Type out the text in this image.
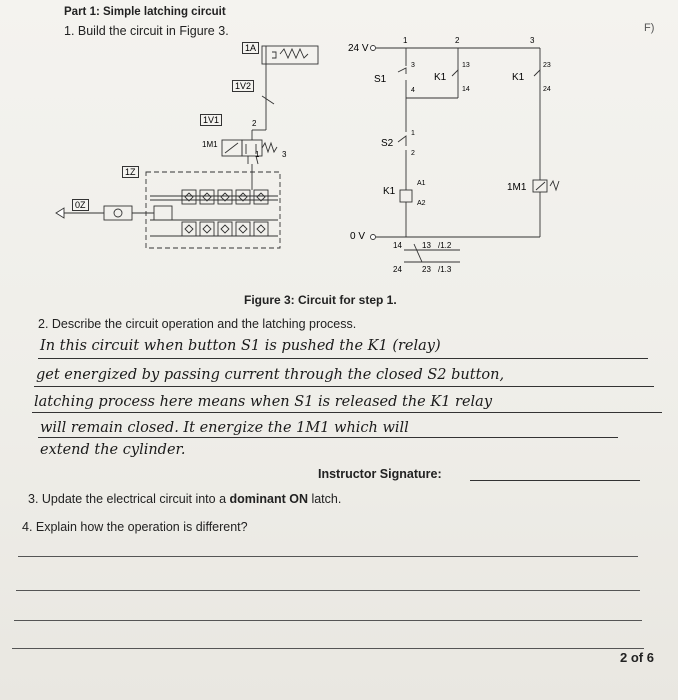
Part 1: Simple latching circuit
1. Build the circuit in Figure 3.	F)
1A
1V2
1V1
1M1
2
1	3
1Z
0Z
24 V
0 V
1	2	3
S1
S2
K1
K1	K1
1M1
3
4
1
2
13
14
23
24
A1
A2
14	13 /1.2
24	23 /1.3
Figure 3: Circuit for step 1.
2. Describe the circuit operation and the latching process.
In this circuit when button S1 is pushed the K1 (relay)
get energized by passing current through the closed S2 button,
latching process here means when S1 is released the K1 relay
will remain closed. It energize the 1M1 which will
extend the cylinder.
Instructor Signature:
3. Update the electrical circuit into a dominant ON latch.
4. Explain how the operation is different?
2 of 6
